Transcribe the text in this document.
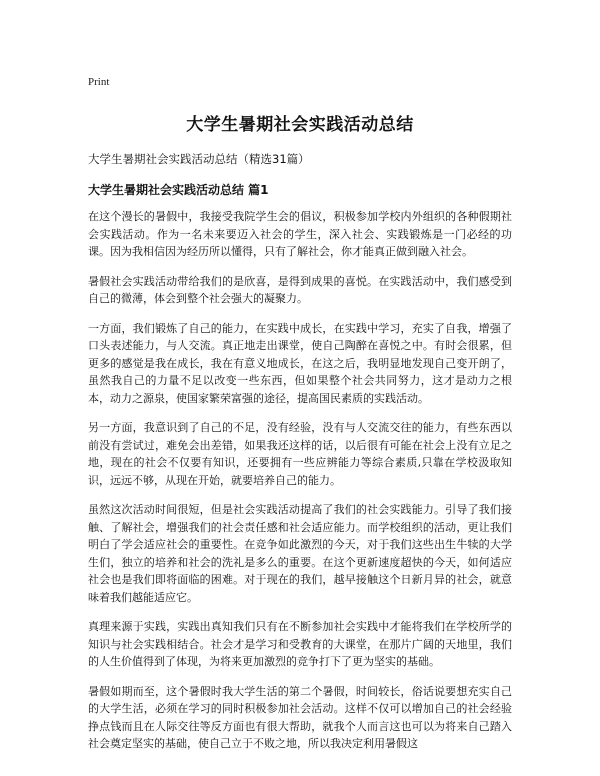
Print
大学生暑期社会实践活动总结

大学生暑期社会实践活动总结（精选31篇）

大学生暑期社会实践活动总结 篇1

在这个漫长的暑假中，我接受我院学生会的倡议，积极参加学校内外组织的各种假期社会实践活动。作为一名未来要迈入社会的学生，深入社会、实践锻炼是一门必经的功课。因为我相信因为经历所以懂得，只有了解社会，你才能真正做到融入社会。

暑假社会实践活动带给我们的是欣喜，是得到成果的喜悦。在实践活动中，我们感受到自己的微薄，体会到整个社会强大的凝聚力。

一方面，我们锻炼了自己的能力，在实践中成长，在实践中学习，充实了自我，增强了口头表述能力，与人交流。真正地走出课堂，使自己陶醉在喜悦之中。有时会很累，但更多的感觉是我在成长，我在有意义地成长，在这之后，我明显地发现自己变开朗了，虽然我自己的力量不足以改变一些东西，但如果整个社会共同努力，这才是动力之根本，动力之源泉，使国家繁荣富强的途径，提高国民素质的实践活动。

另一方面，我意识到了自己的不足，没有经验，没有与人交流交往的能力，有些东西以前没有尝试过，难免会出差错，如果我还这样的话，以后很有可能在社会上没有立足之地，现在的社会不仅要有知识，还要拥有一些应辨能力等综合素质,只靠在学校汲取知识，远远不够，从现在开始，就要培养自己的能力。

虽然这次活动时间很短，但是社会实践活动提高了我们的社会实践能力。引导了我们接触、了解社会，增强我们的社会责任感和社会适应能力。而学校组织的活动，更让我们明白了学会适应社会的重要性。在竞争如此激烈的今天，对于我们这些出生牛犊的大学生们，独立的培养和社会的洗礼是多么的重要。在这个更新速度超快的今天，如何适应社会也是我们即将面临的困难。对于现在的我们，越早接触这个日新月异的社会，就意味着我们越能适应它。

真理来源于实践，实践出真知我们只有在不断参加社会实践中才能将我们在学校所学的知识与社会实践相结合。社会才是学习和受教育的大课堂，在那片广阔的天地里，我们的人生价值得到了体现，为将来更加激烈的竞争打下了更为坚实的基础。

暑假如期而至，这个暑假时我大学生活的第二个暑假，时间较长，俗话说要想充实自己的大学生活，必须在学习的同时积极参加社会活动。这样不仅可以增加自己的社会经验挣点钱而且在人际交往等反方面也有很大帮助，就我个人而言这也可以为将来自己踏入社会奠定坚实的基础，使自己立于不败之地，所以我决定利用暑假这
